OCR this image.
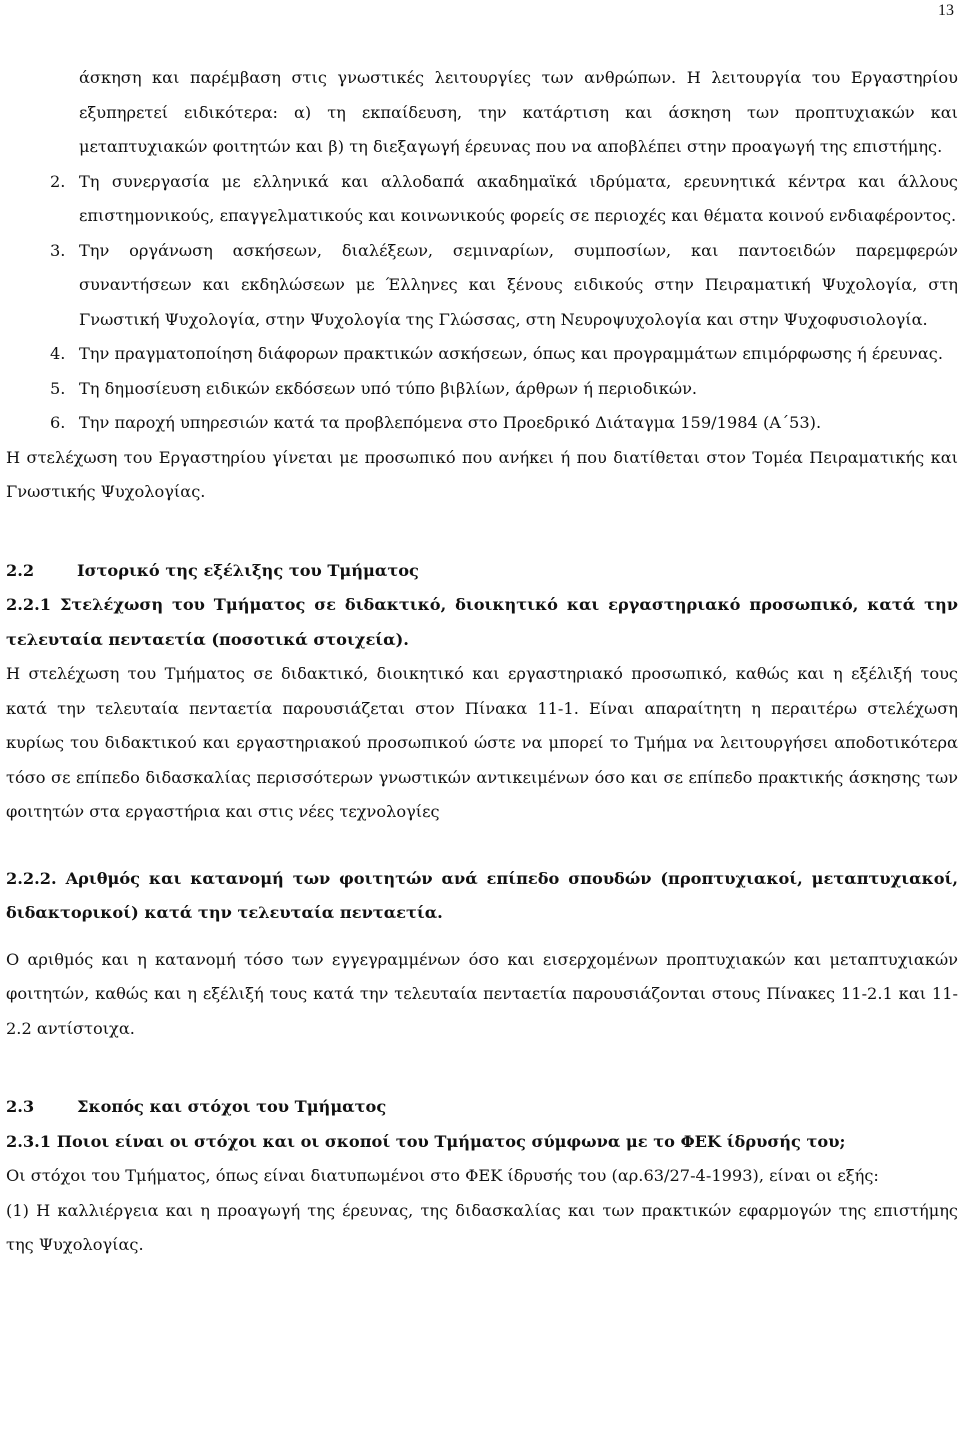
13

άσκηση και παρέμβαση στις γνωστικές λειτουργίες των ανθρώπων. Η λειτουργία του Εργαστηρίου εξυπηρετεί ειδικότερα: α) τη εκπαίδευση, την κατάρτιση και άσκηση των προπτυχιακών και μεταπτυχιακών φοιτητών και β) τη διεξαγωγή έρευνας που να αποβλέπει στην προαγωγή της επιστήμης.

2. Τη συνεργασία με ελληνικά και αλλοδαπά ακαδημαϊκά ιδρύματα, ερευνητικά κέντρα και άλλους επιστημονικούς, επαγγελματικούς και κοινωνικούς φορείς σε περιοχές και θέματα κοινού ενδιαφέροντος.
3. Την οργάνωση ασκήσεων, διαλέξεων, σεμιναρίων, συμποσίων, και παντοειδών παρεμφερών συναντήσεων και εκδηλώσεων με Έλληνες και ξένους ειδικούς στην Πειραματική Ψυχολογία, στη Γνωστική Ψυχολογία, στην Ψυχολογία της Γλώσσας, στη Νευροψυχολογία και στην Ψυχοφυσιολογία.
4. Την πραγματοποίηση διάφορων πρακτικών ασκήσεων, όπως και προγραμμάτων επιμόρφωσης ή έρευνας.
5. Τη δημοσίευση ειδικών εκδόσεων υπό τύπο βιβλίων, άρθρων ή περιοδικών.
6. Την παροχή υπηρεσιών κατά τα προβλεπόμενα στο Προεδρικό Διάταγμα 159/1984 (Α΄53).

Η στελέχωση του Εργαστηρίου γίνεται με προσωπικό που ανήκει ή που διατίθεται στον Τομέα Πειραματικής και Γνωστικής Ψυχολογίας.

2.2	Ιστορικό της εξέλιξης του Τμήματος
2.2.1 Στελέχωση του Τμήματος σε διδακτικό, διοικητικό και εργαστηριακό προσωπικό, κατά την τελευταία πενταετία (ποσοτικά στοιχεία).

Η στελέχωση του Τμήματος σε διδακτικό, διοικητικό και εργαστηριακό προσωπικό, καθώς και η εξέλιξή τους κατά την τελευταία πενταετία παρουσιάζεται στον Πίνακα 11-1. Είναι απαραίτητη η περαιτέρω στελέχωση κυρίως του διδακτικού και εργαστηριακού προσωπικού ώστε να μπορεί το Τμήμα να λειτουργήσει αποδοτικότερα τόσο σε επίπεδο διδασκαλίας περισσότερων γνωστικών αντικειμένων όσο και σε επίπεδο πρακτικής άσκησης των φοιτητών στα εργαστήρια και στις νέες τεχνολογίες

2.2.2. Αριθμός και κατανομή των φοιτητών ανά επίπεδο σπουδών (προπτυχιακοί, μεταπτυχιακοί, διδακτορικοί) κατά την τελευταία πενταετία.

Ο αριθμός και η κατανομή τόσο των εγγεγραμμένων όσο και εισερχομένων προπτυχιακών και μεταπτυχιακών φοιτητών, καθώς και η εξέλιξή τους κατά την τελευταία πενταετία παρουσιάζονται στους Πίνακες 11-2.1 και 11-2.2 αντίστοιχα.

2.3	Σκοπός και στόχοι του Τμήματος
2.3.1 Ποιοι είναι οι στόχοι και οι σκοποί του Τμήματος σύμφωνα με το ΦΕΚ ίδρυσής του;

Οι στόχοι του Τμήματος, όπως είναι διατυπωμένοι στο ΦΕΚ ίδρυσής του (αρ.63/27-4-1993), είναι οι εξής:

(1) Η καλλιέργεια και η προαγωγή της έρευνας, της διδασκαλίας και των πρακτικών εφαρμογών της επιστήμης της Ψυχολογίας.
